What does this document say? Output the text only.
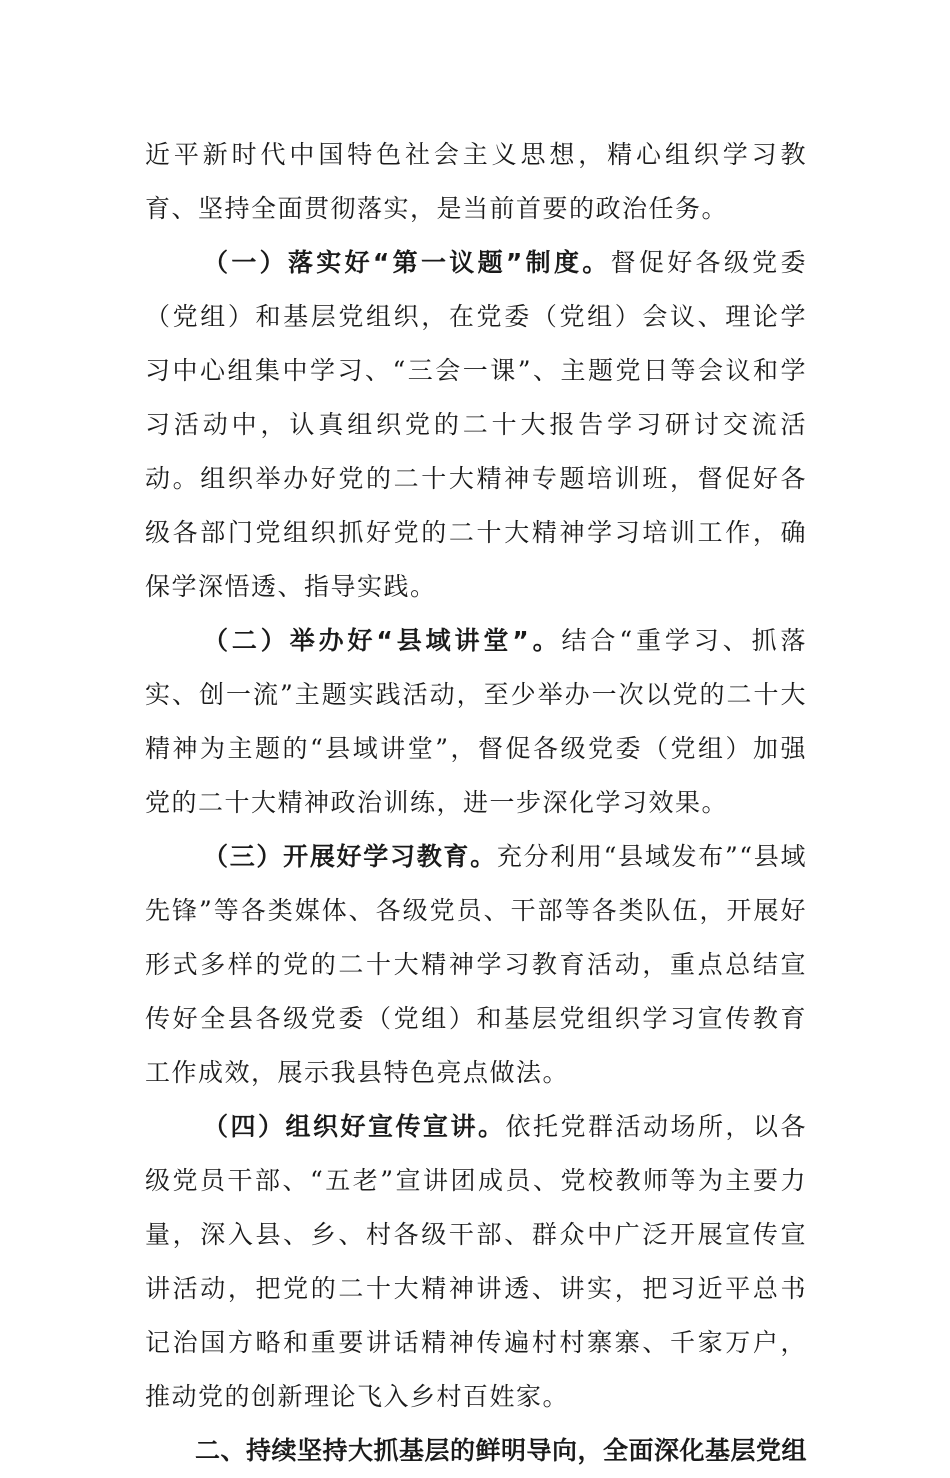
近平新时代中国特色社会主义思想，精心组织学习教育、坚持全面贯彻落实，是当前首要的政治任务。

（一）落实好“第一议题”制度。督促好各级党委（党组）和基层党组织，在党委（党组）会议、理论学习中心组集中学习、“三会一课”、主题党日等会议和学习活动中，认真组织党的二十大报告学习研讨交流活动。组织举办好党的二十大精神专题培训班，督促好各级各部门党组织抓好党的二十大精神学习培训工作，确保学深悟透、指导实践。

（二）举办好“县域讲堂”。结合“重学习、抓落实、创一流”主题实践活动，至少举办一次以党的二十大精神为主题的“县域讲堂”，督促各级党委（党组）加强党的二十大精神政治训练，进一步深化学习效果。

（三）开展好学习教育。充分利用“县域发布”“县域先锋”等各类媒体、各级党员、干部等各类队伍，开展好形式多样的党的二十大精神学习教育活动，重点总结宣传好全县各级党委（党组）和基层党组织学习宣传教育工作成效，展示我县特色亮点做法。

（四）组织好宣传宣讲。依托党群活动场所，以各级党员干部、“五老”宣讲团成员、党校教师等为主要力量，深入县、乡、村各级干部、群众中广泛开展宣传宣讲活动，把党的二十大精神讲透、讲实，把习近平总书记治国方略和重要讲话精神传遍村村寨寨、千家万户，推动党的创新理论飞入乡村百姓家。

二、持续坚持大抓基层的鲜明导向，全面深化基层党组
